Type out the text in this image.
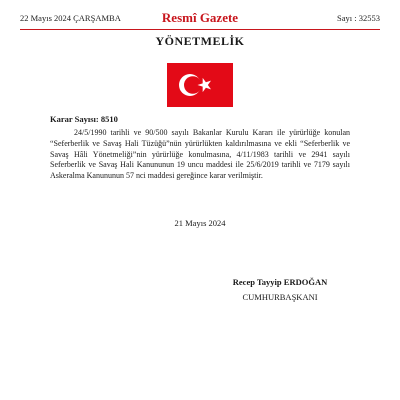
22 Mayıs 2024 ÇARŞAMBA	Resmî Gazete	Sayı : 32553
YÖNETMELİK
Karar Sayısı: 8510

24/5/1990 tarihli ve 90/500 sayılı Bakanlar Kurulu Kararı ile yürürlüğe konulan “Seferberlik ve Savaş Hali Tüzüğü”nün yürürlükten kaldırılmasına ve ekli “Seferberlik ve Savaş Hâli Yönetmeliği”nin yürürlüğe konulmasına, 4/11/1983 tarihli ve 2941 sayılı Seferberlik ve Savaş Hali Kanununun 19 uncu maddesi ile 25/6/2019 tarihli ve 7179 sayılı Askeralma Kanununun 57 nci maddesi gereğince karar verilmiştir.

21 Mayıs 2024
Recep Tayyip ERDOĞAN
CUMHURBAŞKANI
